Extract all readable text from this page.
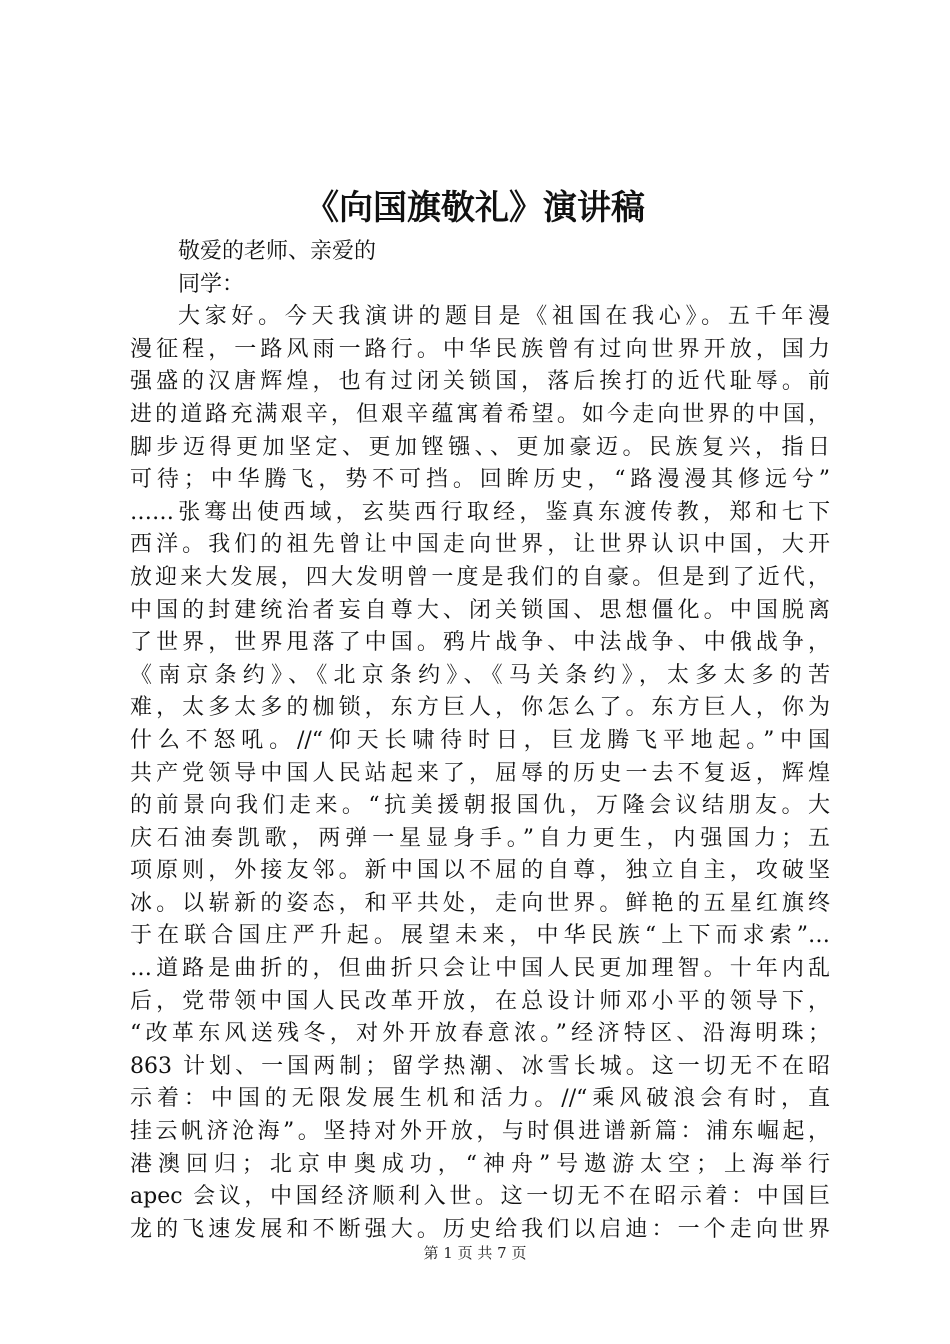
《向国旗敬礼》演讲稿
敬爱的老师、亲爱的
同学：
大家好。今天我演讲的题目是《祖国在我心》。五千年漫
漫征程，一路风雨一路行。中华民族曾有过向世界开放，国力
强盛的汉唐辉煌，也有过闭关锁国，落后挨打的近代耻辱。前
进的道路充满艰辛，但艰辛蕴寓着希望。如今走向世界的中国，
脚步迈得更加坚定、更加铿镪、、更加豪迈。民族复兴，指日
可待；中华腾飞，势不可挡。回眸历史，“路漫漫其修远兮”
……张骞出使西域，玄奘西行取经，鉴真东渡传教，郑和七下
西洋。我们的祖先曾让中国走向世界，让世界认识中国，大开
放迎来大发展，四大发明曾一度是我们的自豪。但是到了近代，
中国的封建统治者妄自尊大、闭关锁国、思想僵化。中国脱离
了世界，世界甩落了中国。鸦片战争、中法战争、中俄战争，
《南京条约》、《北京条约》、《马关条约》，太多太多的苦
难，太多太多的枷锁，东方巨人，你怎么了。东方巨人，你为
什么不怒吼。//“仰天长啸待时日，巨龙腾飞平地起。”中国
共产党领导中国人民站起来了，屈辱的历史一去不复返，辉煌
的前景向我们走来。“抗美援朝报国仇，万隆会议结朋友。大
庆石油奏凯歌，两弹一星显身手。”自力更生，内强国力；五
项原则，外接友邻。新中国以不屈的自尊，独立自主，攻破坚
冰。以崭新的姿态，和平共处，走向世界。鲜艳的五星红旗终
于在联合国庄严升起。展望未来，中华民族“上下而求索”…
…道路是曲折的，但曲折只会让中国人民更加理智。十年内乱
后，党带领中国人民改革开放，在总设计师邓小平的领导下，
“改革东风送残冬，对外开放春意浓。”经济特区、沿海明珠；
863 计划、一国两制；留学热潮、冰雪长城。这一切无不在昭
示着：中国的无限发展生机和活力。//“乘风破浪会有时，直
挂云帆济沧海”。坚持对外开放，与时俱进谱新篇：浦东崛起，
港澳回归；北京申奥成功，“神舟”号遨游太空；上海举行
apec 会议，中国经济顺利入世。这一切无不在昭示着：中国巨
龙的飞速发展和不断强大。历史给我们以启迪：一个走向世界
第 1 页 共 7 页
